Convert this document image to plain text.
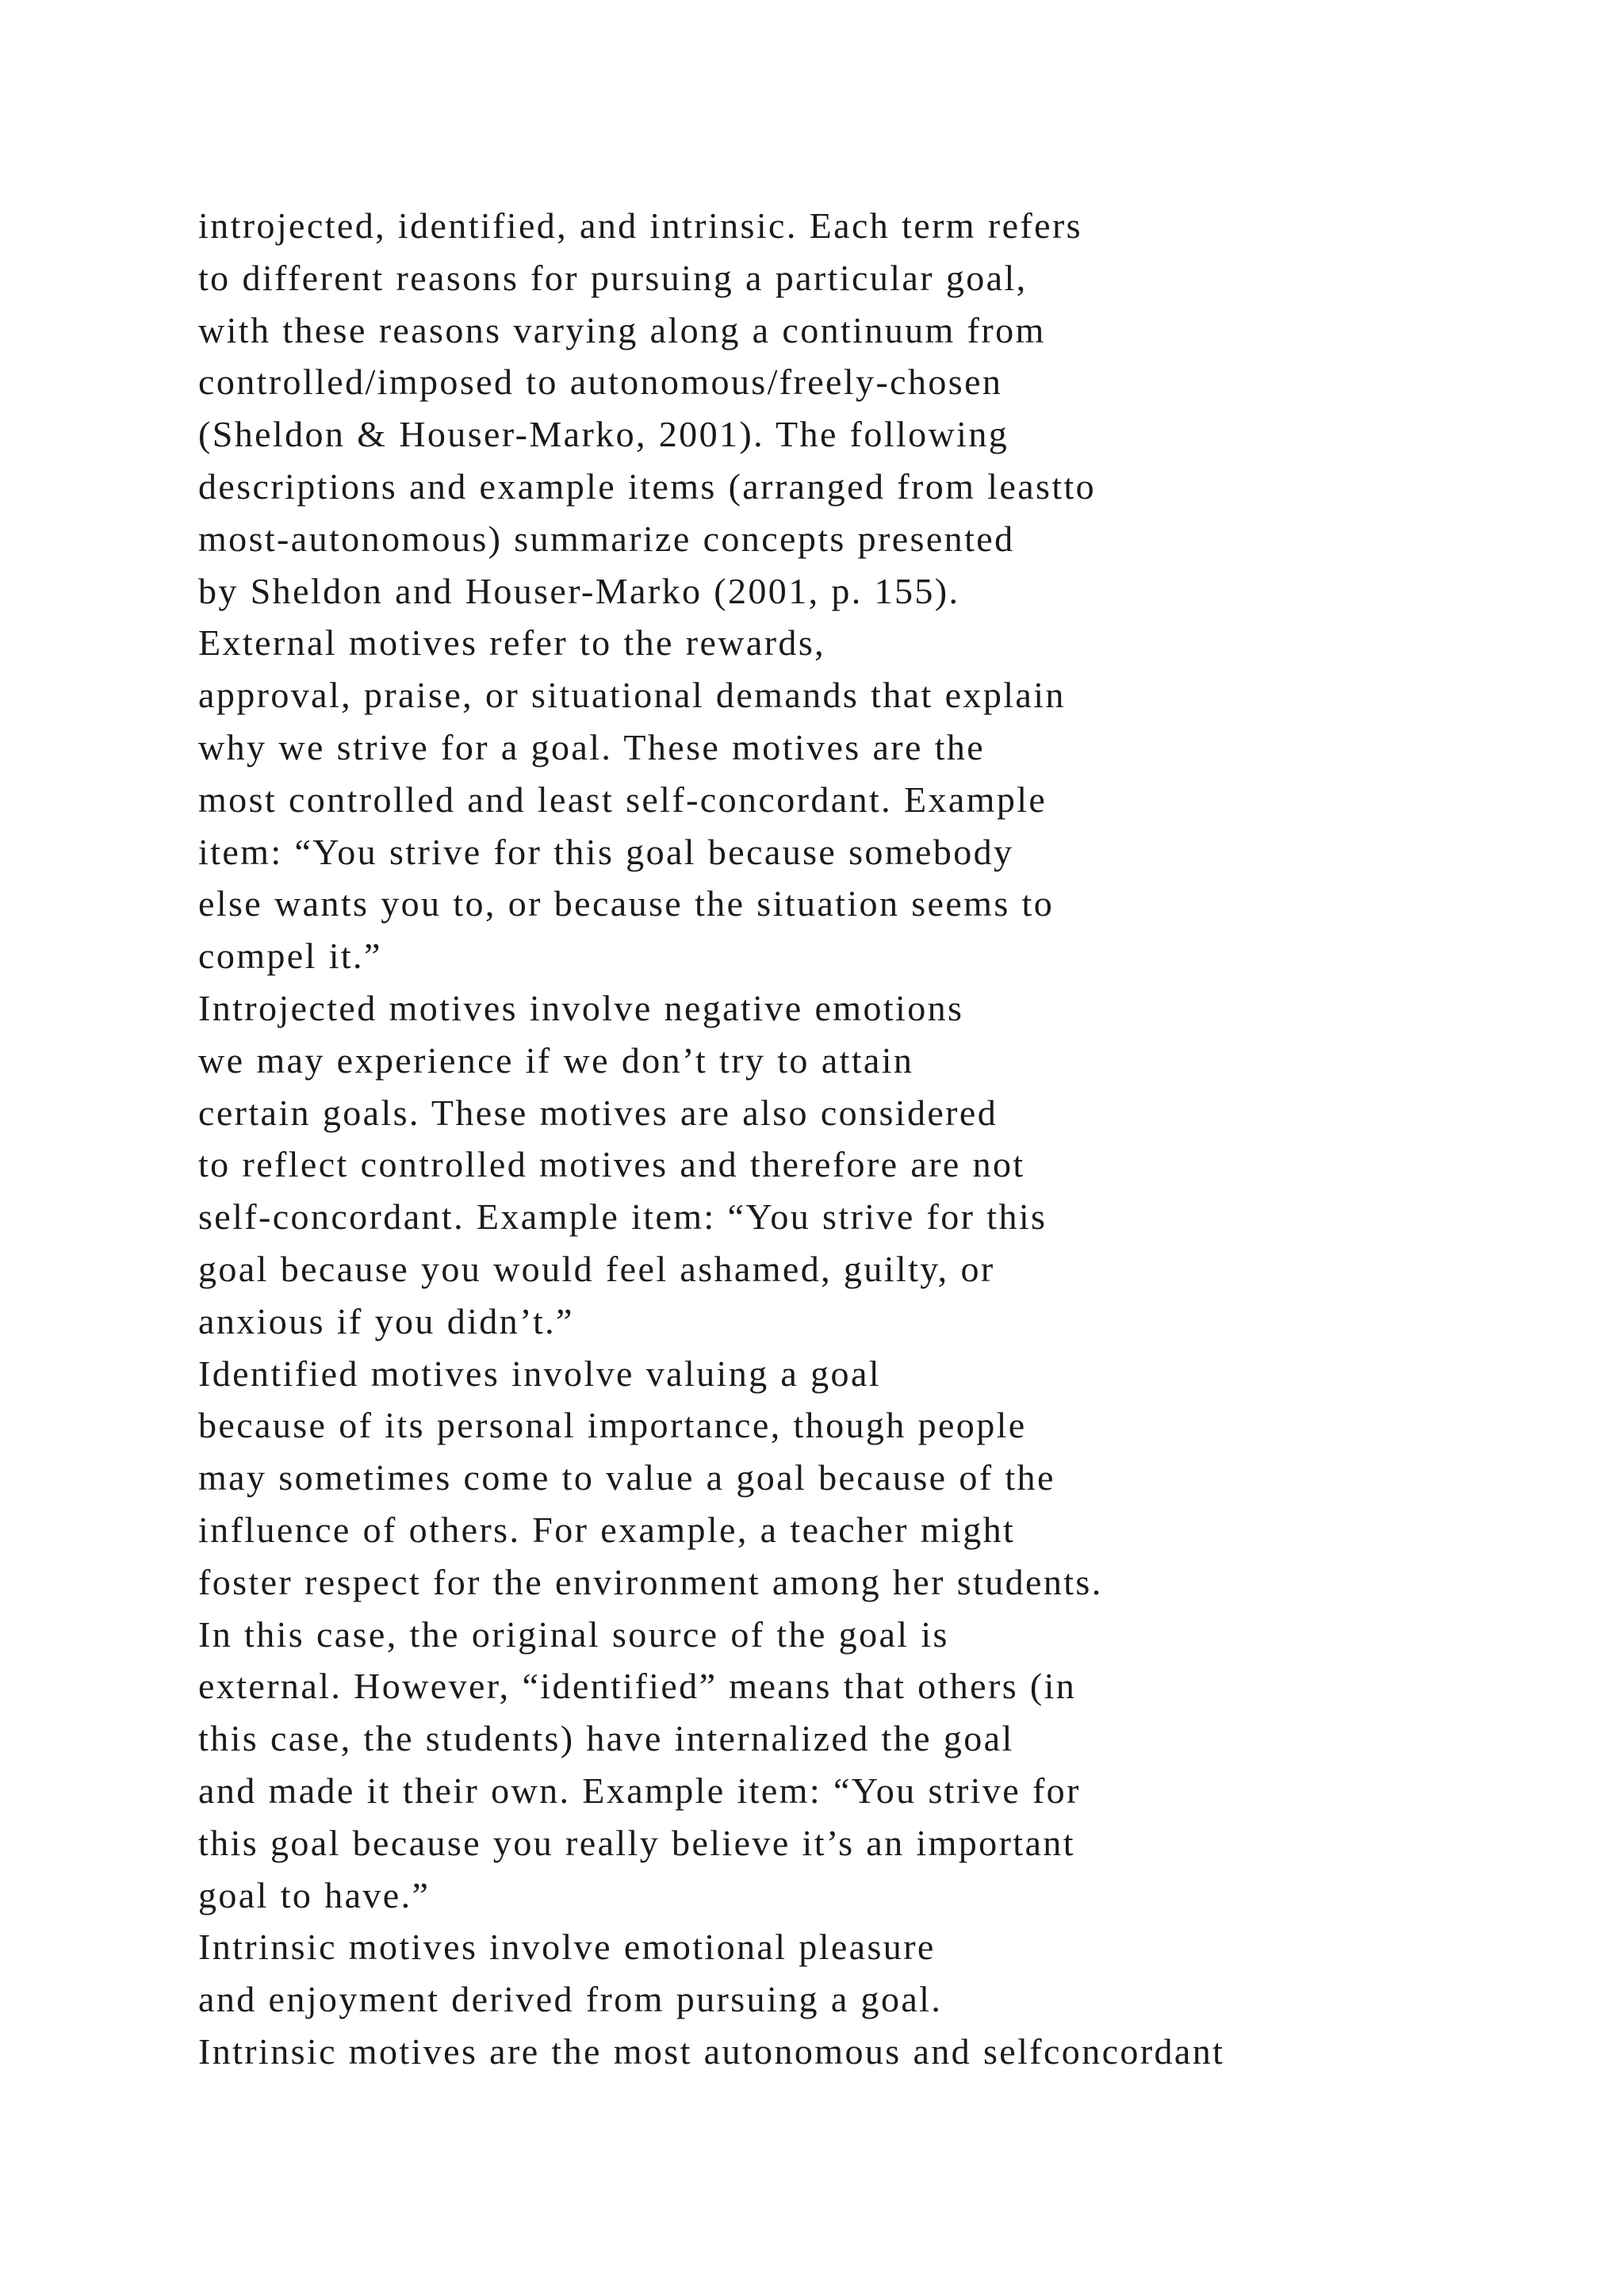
introjected, identified, and intrinsic. Each term refers
to different reasons for pursuing a particular goal,
with these reasons varying along a continuum from
controlled/imposed to autonomous/freely-chosen
(Sheldon & Houser-Marko, 2001). The following
descriptions and example items (arranged from leastto
most-autonomous) summarize concepts presented
by Sheldon and Houser-Marko (2001, p. 155).
External motives refer to the rewards,
approval, praise, or situational demands that explain
why we strive for a goal. These motives are the
most controlled and least self-concordant. Example
item: “You strive for this goal because somebody
else wants you to, or because the situation seems to
compel it.”
Introjected motives involve negative emotions
we may experience if we don’t try to attain
certain goals. These motives are also considered
to reflect controlled motives and therefore are not
self-concordant. Example item: “You strive for this
goal because you would feel ashamed, guilty, or
anxious if you didn’t.”
Identified motives involve valuing a goal
because of its personal importance, though people
may sometimes come to value a goal because of the
influence of others. For example, a teacher might
foster respect for the environment among her students.
In this case, the original source of the goal is
external. However, “identified” means that others (in
this case, the students) have internalized the goal
and made it their own. Example item: “You strive for
this goal because you really believe it’s an important
goal to have.”
Intrinsic motives involve emotional pleasure
and enjoyment derived from pursuing a goal.
Intrinsic motives are the most autonomous and selfconcordant
